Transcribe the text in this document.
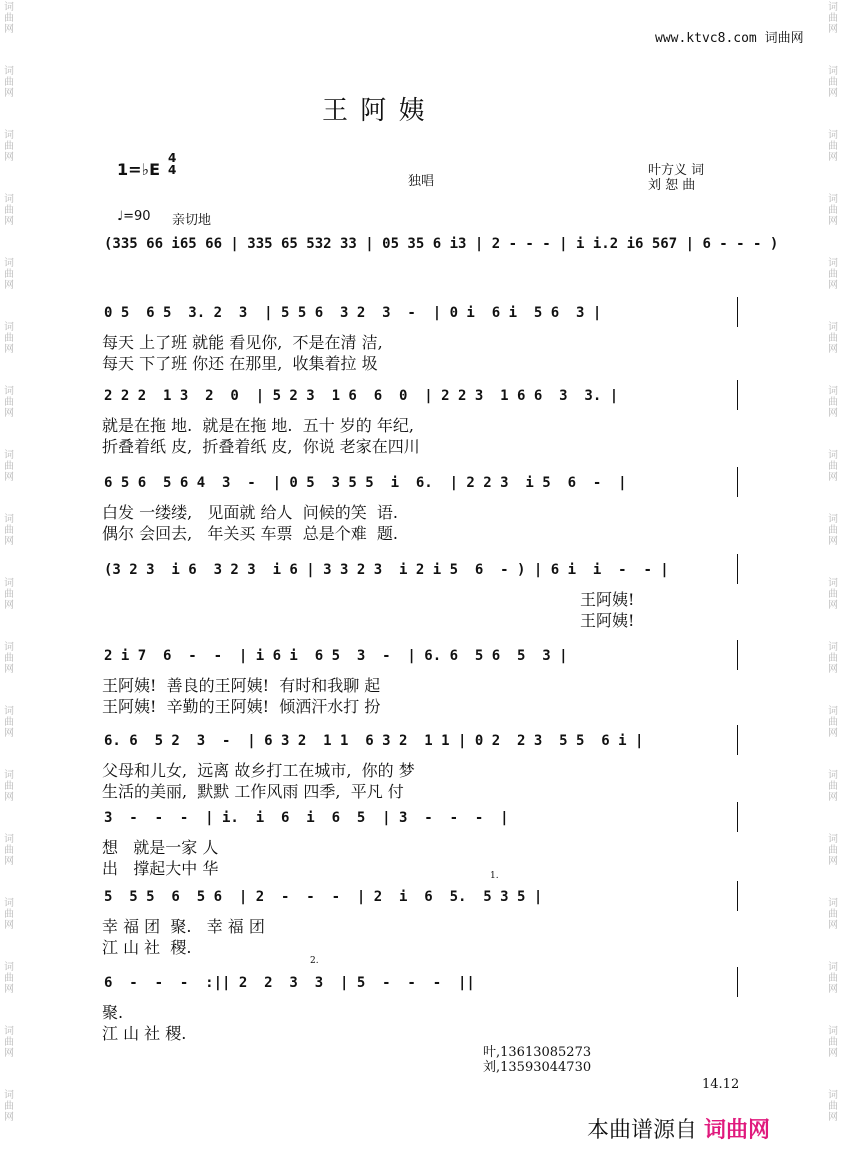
词曲网
词曲网
词曲网
词曲网
词曲网
词曲网
词曲网
词曲网
词曲网
词曲网
词曲网
词曲网
词曲网
词曲网
词曲网
词曲网
词曲网
词曲网
词曲网
词曲网
词曲网
词曲网
词曲网
词曲网
词曲网
词曲网
词曲网
词曲网
词曲网
词曲网
词曲网
词曲网
词曲网
词曲网
词曲网
词曲网
www.ktvc8.com 词曲网
王 阿 姨
1=♭E
4
4
独唱
叶方义 词
刘 恕 曲
♩=90 亲切地
(335 66 i65 66 | 335 65 532 33 | 05 35 6 i3 | 2 - - - | i i.2 i6 567 | 6 - - - )
0 5  6 5  3. 2  3  | 5 5 6  3 2  3  -  | 0 i  6 i  5 6  3 |
每天 上了班 就能 看见你,  不是在清 洁,
每天 下了班 你还 在那里,  收集着拉 圾
2 2 2  1 3  2  0  | 5 2 3  1 6  6  0  | 2 2 3  1 6 6  3  3. |
就是在拖 地.  就是在拖 地.  五十 岁的 年纪,
折叠着纸 皮,  折叠着纸 皮,  你说 老家在四川
6 5 6  5 6 4  3  -  | 0 5  3 5 5  i  6.  | 2 2 3  i 5  6  -  |
白发 一缕缕,   见面就 给人  问候的笑  语.
偶尔 会回去,   年关买 车票  总是个难  题.
(3 2 3  i 6  3 2 3  i 6 | 3 3 2 3  i 2 i 5  6  - ) | 6 i  i  -  - |
王阿姨!
王阿姨!
2 i 7  6  -  -  | i 6 i  6 5  3  -  | 6. 6  5 6  5  3 |
王阿姨!  善良的王阿姨!  有时和我聊 起
王阿姨!  辛勤的王阿姨!  倾洒汗水打 扮
6. 6  5 2  3  -  | 6 3 2  1 1  6 3 2  1 1 | 0 2  2 3  5 5  6 i |
父母和儿女,  远离 故乡打工在城市,  你的 梦
生活的美丽,  默默 工作风雨 四季,  平凡 付
3  -  -  -  | i.  i  6  i  6  5  | 3  -  -  -  |
想   就是一家 人
出   撑起大中 华
5  5 5  6  5 6  | 2  -  -  -  | 2  i  6  5.  5 3 5 |
幸 福 团  聚.   幸 福 团
江 山 社  稷.
6  -  -  -  :|| 2  2  3  3  | 5  -  -  -  ||
聚.
江 山 社 稷.
1.
2.
叶,13613085273
刘,13593044730
14.12
本曲谱源自 词曲网
